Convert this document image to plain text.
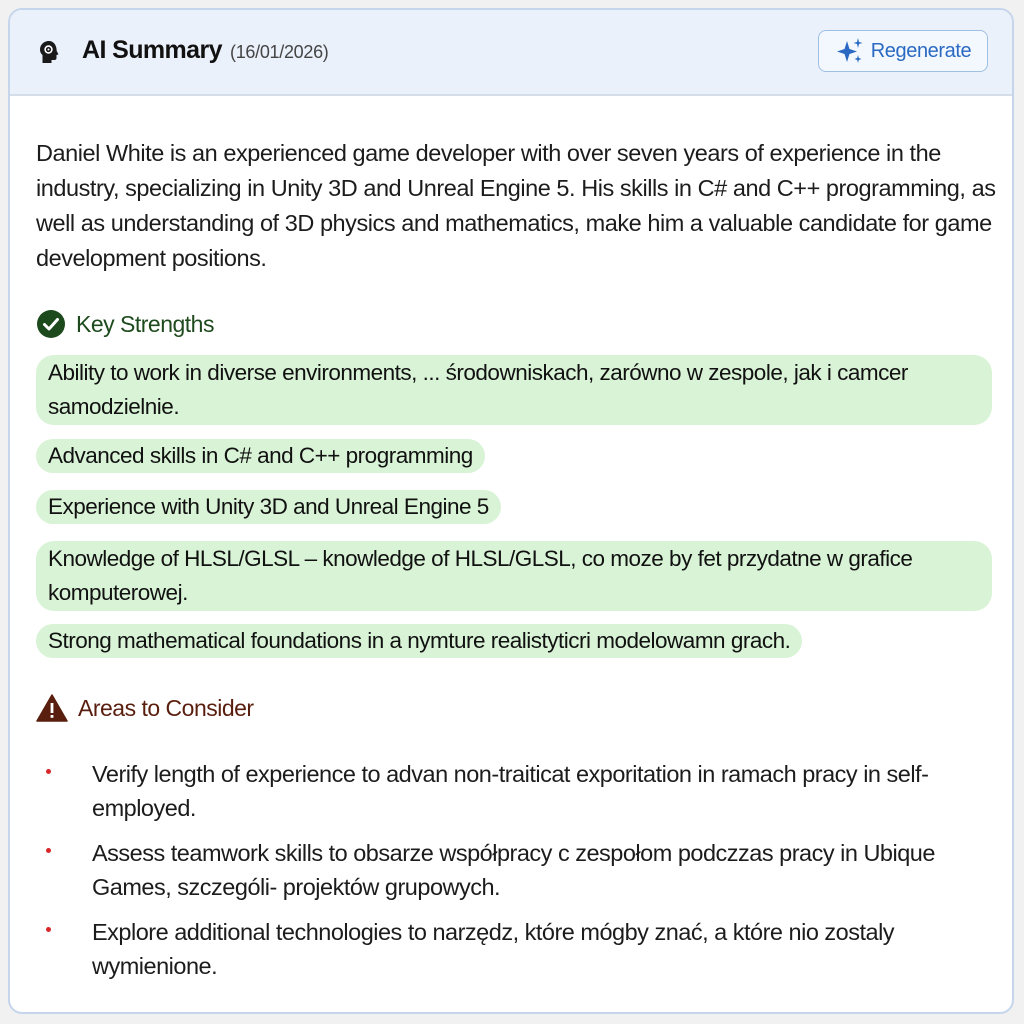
AI Summary (16/01/2026)	Regenerate

Daniel White is an experienced game developer with over seven years of experience in the industry, specializing in Unity 3D and Unreal Engine 5. His skills in C# and C++ programming, as well as understanding of 3D physics and mathematics, make him a valuable candidate for game development positions.

Key Strengths
Ability to work in diverse environments, ... środowniskach, zarówno w zespole, jak i camcer samodzielnie.
Advanced skills in C# and C++ programming
Experience with Unity 3D and Unreal Engine 5
Knowledge of HLSL/GLSL – knowledge of HLSL/GLSL, co moze by fet przydatne w grafice komputerowej.
Strong mathematical foundations in a nymture realistyticri modelowamn grach.
Areas to Consider
Verify length of experience to advan non-traiticat exporitation in ramach pracy in self-employed.
Assess teamwork skills to obsarze współpracy c zespołom podczzas pracy in Ubique Games, szczególi- projektów grupowych.
Explore additional technologies to narzędz, które mógby znać, a które nio zostaly wymienione.
